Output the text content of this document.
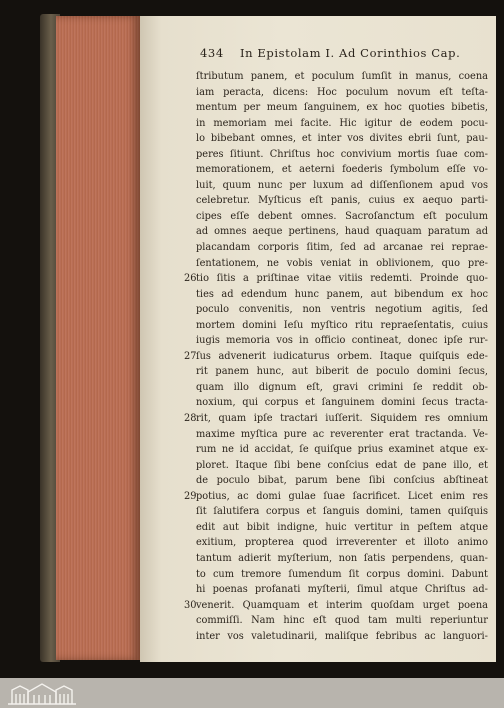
434 In Epistolam I. Ad Corinthios Cap.
ſtributum panem, et poculum ſumſit in manus, coena
iam peracta, dicens: Hoc poculum novum eſt teſta-
mentum per meum ſanguinem, ex hoc quoties bibetis,
in memoriam mei facite. Hic igitur de eodem pocu-
lo bibebant omnes, et inter vos divites ebrii ſunt, pau-
peres ſitiunt. Chriſtus hoc convivium mortis ſuae com-
memorationem, et aeterni foederis ſymbolum eſſe vo-
luit, quum nunc per luxum ad diſſenſionem apud vos
celebretur. Myſticus eſt panis, cuius ex aequo parti-
cipes eſſe debent omnes. Sacroſanctum eſt poculum
ad omnes aeque pertinens, haud quaquam paratum ad
placandam corporis ſitim, ſed ad arcanae rei reprae-
ſentationem, ne vobis veniat in oblivionem, quo pre-
26 tio ſitis a priſtinae vitae vitiis redemti. Proinde quo-
ties ad edendum hunc panem, aut bibendum ex hoc
poculo convenitis, non ventris negotium agitis, ſed
mortem domini Ieſu myſtico ritu repraeſentatis, cuius
iugis memoria vos in officio contineat, donec ipſe rur-
27 ſus advenerit iudicaturus orbem. Itaque quiſquis ede-
rit panem hunc, aut biberit de poculo domini ſecus,
quam illo dignum eſt, gravi crimini ſe reddit ob-
noxium, qui corpus et ſanguinem domini ſecus tracta-
28 rit, quam ipſe tractari iuſſerit. Siquidem res omnium
maxime myſtica pure ac reverenter erat tractanda. Ve-
rum ne id accidat, ſe quiſque prius examinet atque ex-
ploret. Itaque ſibi bene conſcius edat de pane illo, et
de poculo bibat, parum bene ſibi conſcius abſtineat
29 potius, ac domi gulae ſuae ſacrificet. Licet enim res
ſit ſalutifera corpus et ſanguis domini, tamen quiſquis
edit aut bibit indigne, huic vertitur in peſtem atque
exitium, propterea quod irreverenter et illoto animo
tantum adierit myſterium, non ſatis perpendens, quan-
to cum tremore ſumendum ſit corpus domini. Dabunt
hi poenas profanati myſterii, ſimul atque Chriſtus ad-
30 venerit. Quamquam et interim quoſdam urget poena
commiſſi. Nam hinc eſt quod tam multi reperiuntur
inter vos valetudinarii, maliſque febribus ac languori-
